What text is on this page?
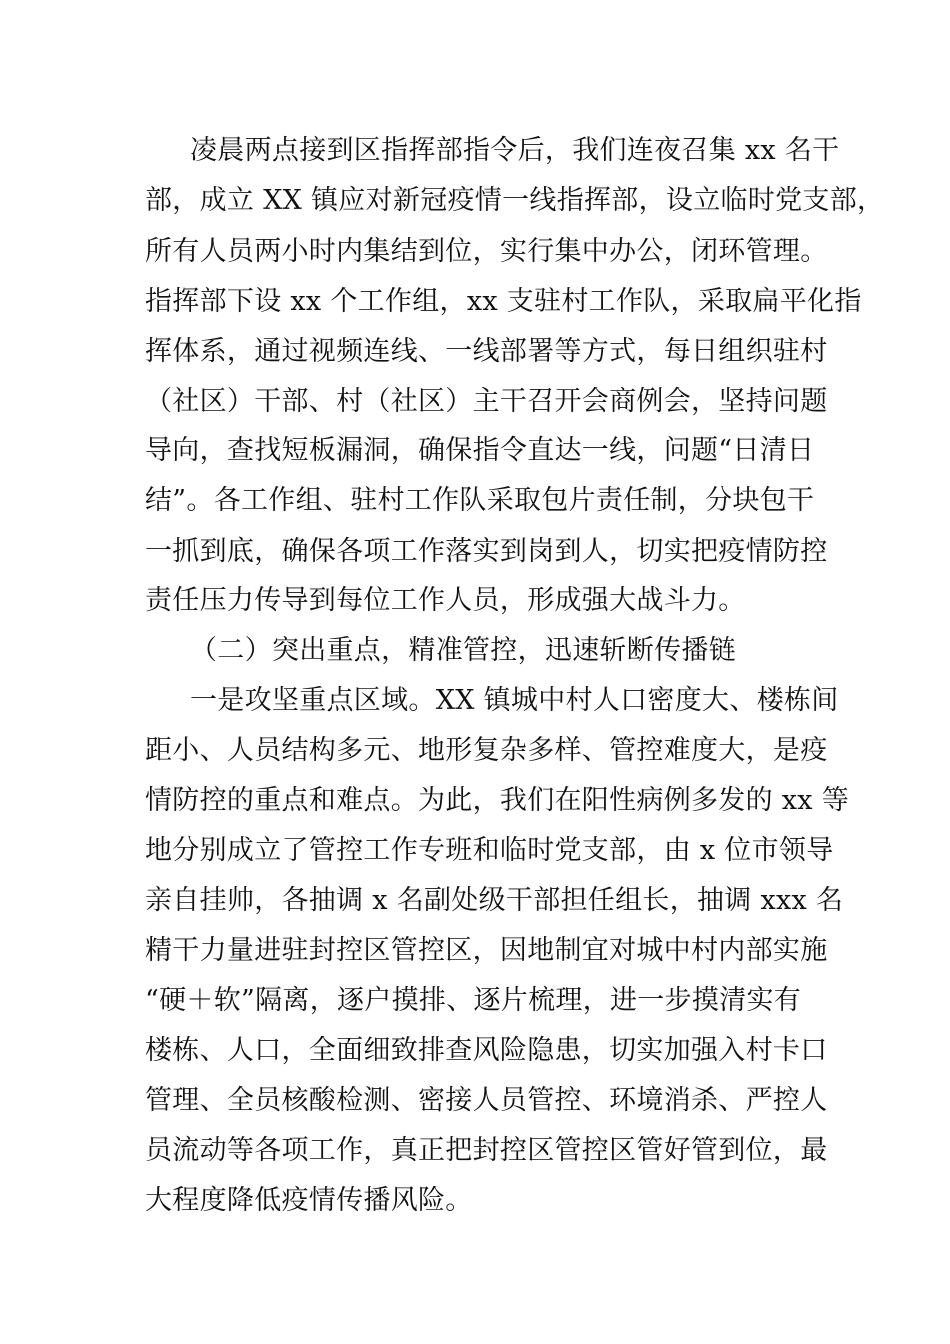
凌晨两点接到区指挥部指令后，我们连夜召集 xx 名干
部，成立 XX 镇应对新冠疫情一线指挥部，设立临时党支部，
所有人员两小时内集结到位，实行集中办公，闭环管理。
指挥部下设 xx 个工作组，xx 支驻村工作队，采取扁平化指
挥体系，通过视频连线、一线部署等方式，每日组织驻村
（社区）干部、村（社区）主干召开会商例会，坚持问题
导向，查找短板漏洞，确保指令直达一线，问题“日清日
结”。各工作组、驻村工作队采取包片责任制，分块包干
一抓到底，确保各项工作落实到岗到人，切实把疫情防控
责任压力传导到每位工作人员，形成强大战斗力。
（二）突出重点，精准管控，迅速斩断传播链
一是攻坚重点区域。XX 镇城中村人口密度大、楼栋间
距小、人员结构多元、地形复杂多样、管控难度大，是疫
情防控的重点和难点。为此，我们在阳性病例多发的 xx 等
地分别成立了管控工作专班和临时党支部，由 x 位市领导
亲自挂帅，各抽调 x 名副处级干部担任组长，抽调 xxx 名
精干力量进驻封控区管控区，因地制宜对城中村内部实施
“硬＋软”隔离，逐户摸排、逐片梳理，进一步摸清实有
楼栋、人口，全面细致排查风险隐患，切实加强入村卡口
管理、全员核酸检测、密接人员管控、环境消杀、严控人
员流动等各项工作，真正把封控区管控区管好管到位，最
大程度降低疫情传播风险。
